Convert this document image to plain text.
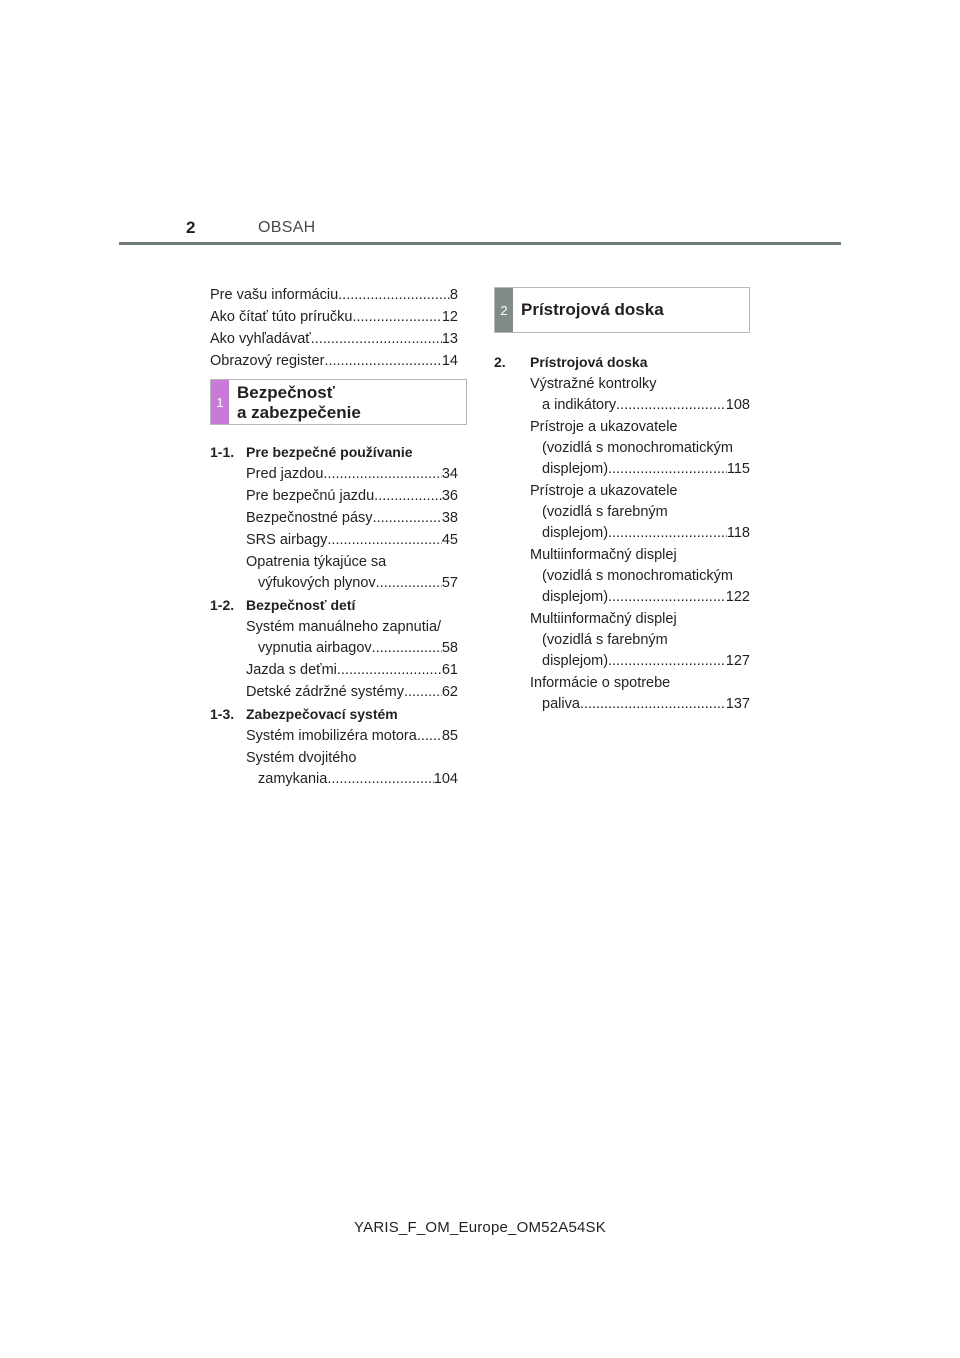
2	OBSAH
Pre vašu informáciu .....	8
Ako čítať túto príručku .....	12
Ako vyhľadávať .....	13
Obrazový register .....	14
1 Bezpečnosť
a zabezpečenie
1-1. Pre bezpečné používanie
Pred jazdou .....	34
Pre bezpečnú jazdu .....	36
Bezpečnostné pásy .....	38
SRS airbagy .....	45
Opatrenia týkajúce sa
výfukových plynov .....	57
1-2. Bezpečnosť detí
Systém manuálneho zapnutia/
vypnutia airbagov .....	58
Jazda s deťmi .....	61
Detské zádržné systémy .....	62
1-3. Zabezpečovací systém
Systém imobilizéra motora ..... 85
Systém dvojitého
zamykania .....	104
2 Prístrojová doska
2.	Prístrojová doska
Výstražné kontrolky
a indikátory .....	108
Prístroje a ukazovatele
(vozidlá s monochromatickým
displejom) .....	115
Prístroje a ukazovatele
(vozidlá s farebným
displejom) .....	118
Multiinformačný displej
(vozidlá s monochromatickým
displejom) .....	122
Multiinformačný displej
(vozidlá s farebným
displejom) .....	127
Informácie o spotrebe
paliva .....	137
YARIS_F_OM_Europe_OM52A54SK
